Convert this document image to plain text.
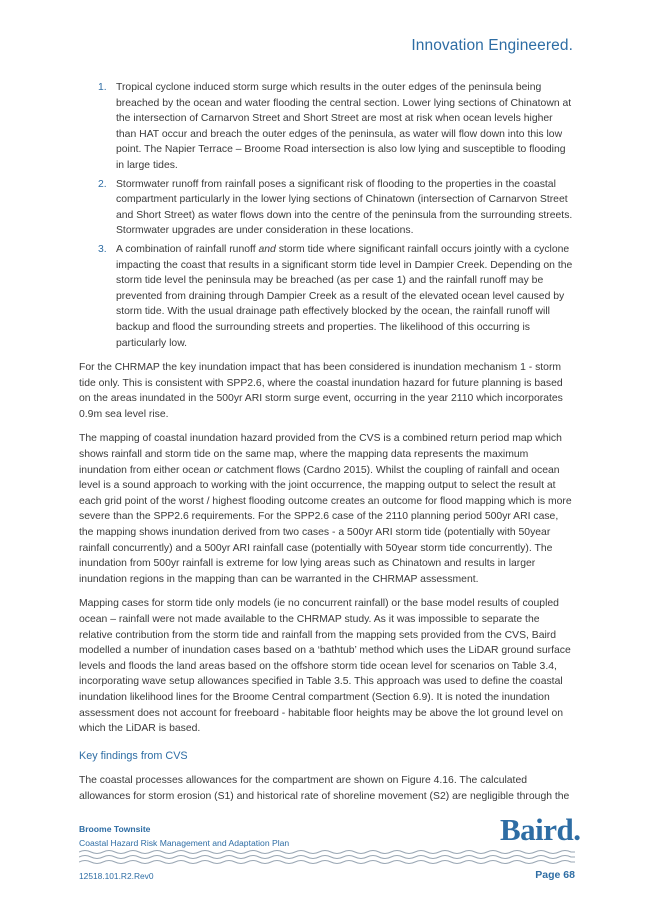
Innovation Engineered.
1. Tropical cyclone induced storm surge which results in the outer edges of the peninsula being breached by the ocean and water flooding the central section. Lower lying sections of Chinatown at the intersection of Carnarvon Street and Short Street are most at risk when ocean levels higher than HAT occur and breach the outer edges of the peninsula, as water will flow down into this low point. The Napier Terrace – Broome Road intersection is also low lying and susceptible to flooding in large tides.
2. Stormwater runoff from rainfall poses a significant risk of flooding to the properties in the coastal compartment particularly in the lower lying sections of Chinatown (intersection of Carnarvon Street and Short Street) as water flows down into the centre of the peninsula from the surrounding streets. Stormwater upgrades are under consideration in these locations.
3. A combination of rainfall runoff and storm tide where significant rainfall occurs jointly with a cyclone impacting the coast that results in a significant storm tide level in Dampier Creek. Depending on the storm tide level the peninsula may be breached (as per case 1) and the rainfall runoff may be prevented from draining through Dampier Creek as a result of the elevated ocean level caused by storm tide. With the usual drainage path effectively blocked by the ocean, the rainfall runoff will backup and flood the surrounding streets and properties. The likelihood of this occurring is particularly low.

For the CHRMAP the key inundation impact that has been considered is inundation mechanism 1 - storm tide only. This is consistent with SPP2.6, where the coastal inundation hazard for future planning is based on the areas inundated in the 500yr ARI storm surge event, occurring in the year 2110 which incorporates 0.9m sea level rise.

The mapping of coastal inundation hazard provided from the CVS is a combined return period map which shows rainfall and storm tide on the same map, where the mapping data represents the maximum inundation from either ocean or catchment flows (Cardno 2015). Whilst the coupling of rainfall and ocean level is a sound approach to working with the joint occurrence, the mapping output to select the result at each grid point of the worst / highest flooding outcome creates an outcome for flood mapping which is more severe than the SPP2.6 requirements. For the SPP2.6 case of the 2110 planning period 500yr ARI case, the mapping shows inundation derived from two cases - a 500yr ARI storm tide (potentially with 50year rainfall concurrently) and a 500yr ARI rainfall case (potentially with 50year storm tide concurrently). The inundation from 500yr rainfall is extreme for low lying areas such as Chinatown and results in larger inundation regions in the mapping than can be warranted in the CHRMAP assessment.

Mapping cases for storm tide only models (ie no concurrent rainfall) or the base model results of coupled ocean – rainfall were not made available to the CHRMAP study. As it was impossible to separate the relative contribution from the storm tide and rainfall from the mapping sets provided from the CVS, Baird modelled a number of inundation cases based on a ‘bathtub’ method which uses the LiDAR ground surface levels and floods the land areas based on the offshore storm tide ocean level for scenarios on Table 3.4, incorporating wave setup allowances specified in Table 3.5. This approach was used to define the coastal inundation likelihood lines for the Broome Central compartment (Section 6.9). It is noted the inundation assessment does not account for freeboard - habitable floor heights may be above the lot ground level on which the LiDAR is based.

Key findings from CVS

The coastal processes allowances for the compartment are shown on Figure 4.16. The calculated allowances for storm erosion (S1) and historical rate of shoreline movement (S2) are negligible through the

Broome Townsite
Coastal Hazard Risk Management and Adaptation Plan	Baird.
12518.101.R2.Rev0	Page 68
